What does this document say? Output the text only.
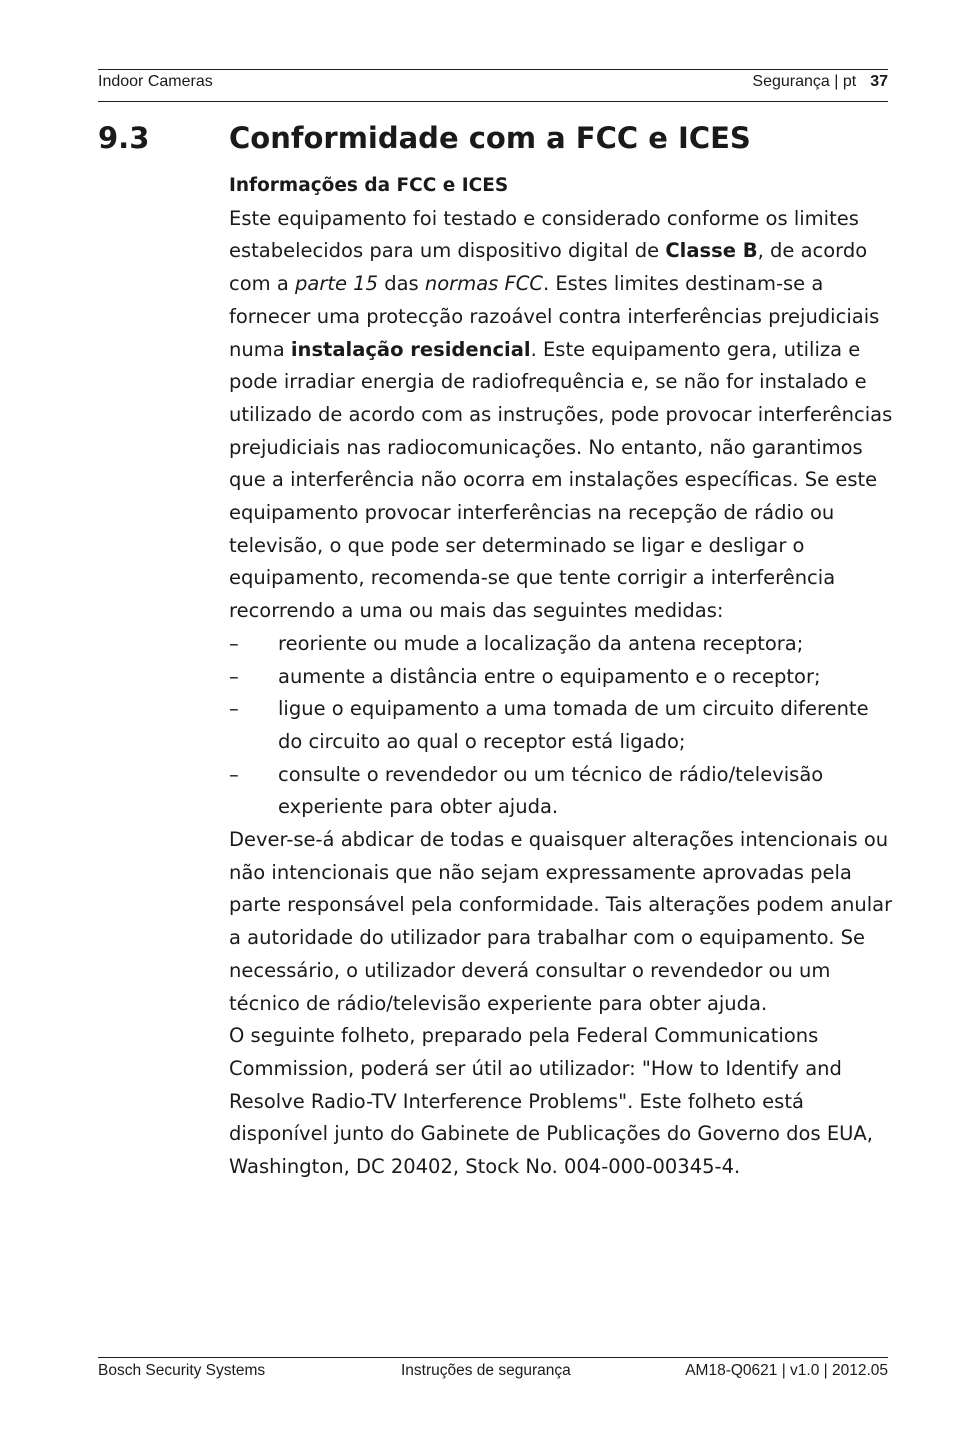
Indoor Cameras	Segurança | pt 37
9.3	Conformidade com a FCC e ICES

Informações da FCC e ICES

Este equipamento foi testado e considerado conforme os limites estabelecidos para um dispositivo digital de Classe B, de acordo com a parte 15 das normas FCC. Estes limites destinam-se a fornecer uma protecção razoável contra interferências prejudiciais numa instalação residencial. Este equipamento gera, utiliza e pode irradiar energia de radiofrequência e, se não for instalado e utilizado de acordo com as instruções, pode provocar interferências prejudiciais nas radiocomunicações. No entanto, não garantimos que a interferência não ocorra em instalações específicas. Se este equipamento provocar interferências na recepção de rádio ou televisão, o que pode ser determinado se ligar e desligar o equipamento, recomenda-se que tente corrigir a interferência recorrendo a uma ou mais das seguintes medidas:

– reoriente ou mude a localização da antena receptora;
– aumente a distância entre o equipamento e o receptor;
– ligue o equipamento a uma tomada de um circuito diferente do circuito ao qual o receptor está ligado;
– consulte o revendedor ou um técnico de rádio/televisão experiente para obter ajuda.

Dever-se-á abdicar de todas e quaisquer alterações intencionais ou não intencionais que não sejam expressamente aprovadas pela parte responsável pela conformidade. Tais alterações podem anular a autoridade do utilizador para trabalhar com o equipamento. Se necessário, o utilizador deverá consultar o revendedor ou um técnico de rádio/televisão experiente para obter ajuda.

O seguinte folheto, preparado pela Federal Communications Commission, poderá ser útil ao utilizador: "How to Identify and Resolve Radio-TV Interference Problems". Este folheto está disponível junto do Gabinete de Publicações do Governo dos EUA, Washington, DC 20402, Stock No. 004-000-00345-4.

Bosch Security Systems	Instruções de segurança	AM18-Q0621 | v1.0 | 2012.05
